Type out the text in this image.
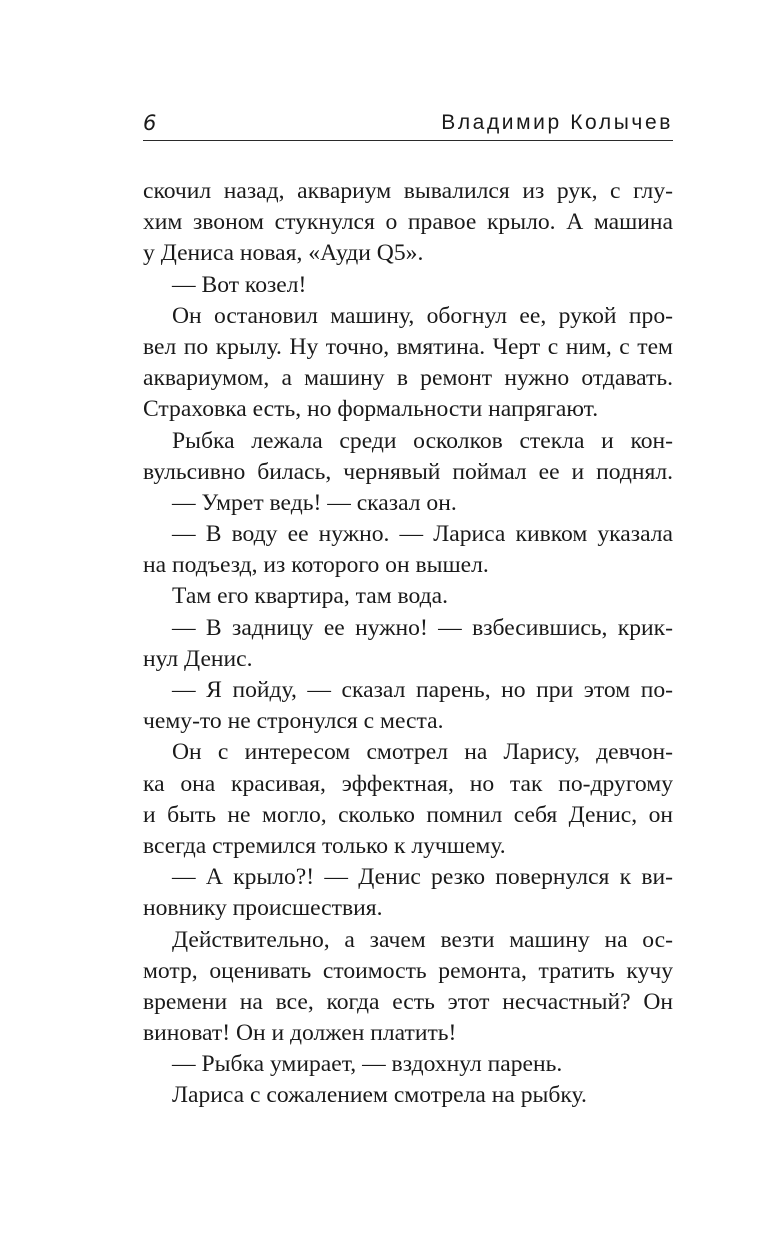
6	Владимир Колычев
скочил назад, аквариум вывалился из рук, с глу-
хим звоном стукнулся о правое крыло. А машина
у Дениса новая, «Ауди Q5».
— Вот козел!
Он остановил машину, обогнул ее, рукой про-
вел по крылу. Ну точно, вмятина. Черт с ним, с тем
аквариумом, а машину в ремонт нужно отдавать.
Страховка есть, но формальности напрягают.
Рыбка лежала среди осколков стекла и кон-
вульсивно билась, чернявый поймал ее и поднял.
— Умрет ведь! — сказал он.
— В воду ее нужно. — Лариса кивком указала
на подъезд, из которого он вышел.
Там его квартира, там вода.
— В задницу ее нужно! — взбесившись, крик-
нул Денис.
— Я пойду, — сказал парень, но при этом по-
чему-то не стронулся с места.
Он с интересом смотрел на Ларису, девчон-
ка она красивая, эффектная, но так по-другому
и быть не могло, сколько помнил себя Денис, он
всегда стремился только к лучшему.
— А крыло?! — Денис резко повернулся к ви-
новнику происшествия.
Действительно, а зачем везти машину на ос-
мотр, оценивать стоимость ремонта, тратить кучу
времени на все, когда есть этот несчастный? Он
виноват! Он и должен платить!
— Рыбка умирает, — вздохнул парень.
Лариса с сожалением смотрела на рыбку.
